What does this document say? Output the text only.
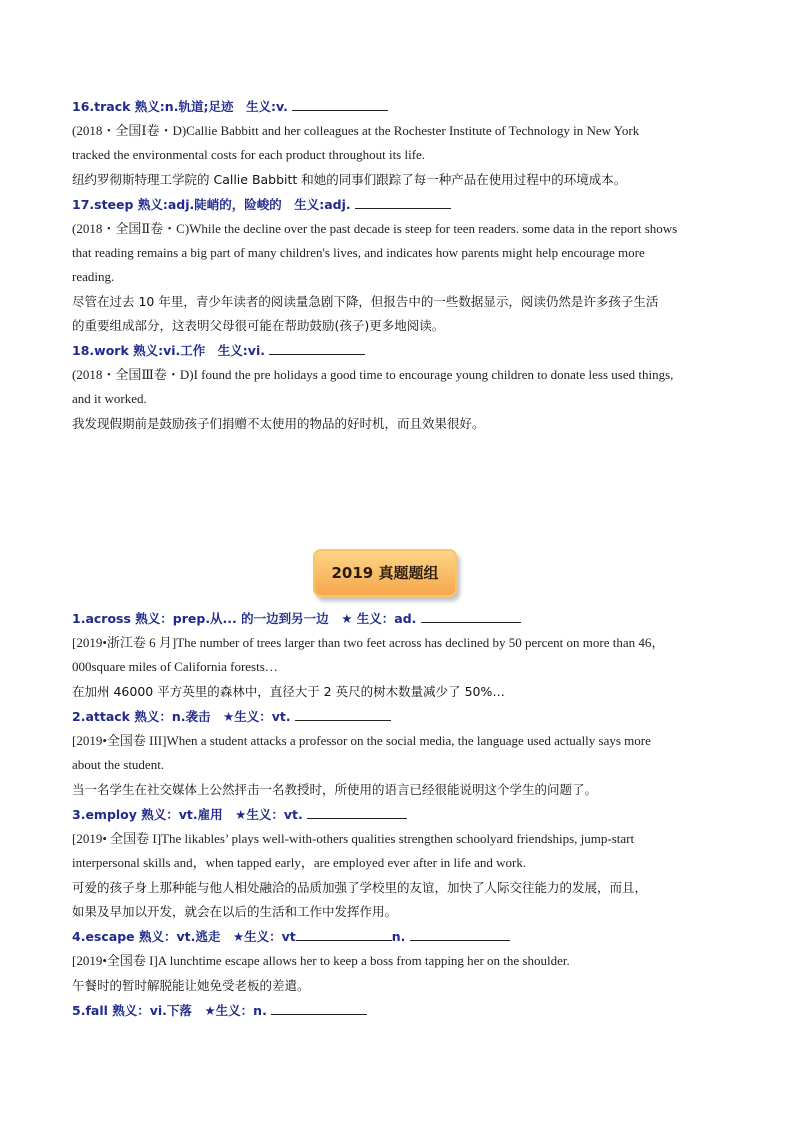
16.track 熟义:n.轨道;足迹　生义:v.

(2018・全国Ⅰ卷・D)Callie Babbitt and her colleagues at the Rochester Institute of Technology in New York

tracked the environmental costs for each product throughout its life.

纽约罗彻斯特理工学院的 Callie Babbitt 和她的同事们跟踪了每一种产品在使用过程中的环境成本。

17.steep 熟义:adj.陡峭的，险峻的　生义:adj.

(2018・全国Ⅱ卷・C)While the decline over the past decade is steep for teen readers. some data in the report shows

that reading remains a big part of many children's lives, and indicates how parents might help encourage more

reading.

尽管在过去 10 年里，青少年读者的阅读量急剧下降，但报告中的一些数据显示，阅读仍然是许多孩子生活

的重要组成部分，这表明父母很可能在帮助鼓励(孩子)更多地阅读。

18.work 熟义:vi.工作　生义:vi.

(2018・全国Ⅲ卷・D)I found the pre holidays a good time to encourage young children to donate less used things,

and it worked.

我发现假期前是鼓励孩子们捐赠不太使用的物品的好时机，而且效果很好。

2019 真题题组

1.across 熟义：prep.从... 的一边到另一边　 ★ 生义：ad.

[2019•浙江卷 6 月]The number of trees larger than two feet across has declined by 50 percent on more than 46，

000square miles of California forests…

在加州 46000 平方英里的森林中，直径大于 2 英尺的树木数量减少了 50%…

2.attack 熟义：n.袭击　 ★生义：vt.

[2019•全国卷 III]When a student attacks a professor on the social media, the language used actually says more

about the student.

当一名学生在社交媒体上公然抨击一名教授时，所使用的语言已经很能说明这个学生的问题了。

3.employ 熟义：vt.雇用　 ★生义：vt.

[2019• 全国卷 I]The likables’ plays well-with-others qualities strengthen schoolyard friendships, jump-start

interpersonal skills and，when tapped early，are employed ever after in life and work.

可爱的孩子身上那种能与他人相处融洽的品质加强了学校里的友谊，加快了人际交往能力的发展，而且，

如果及早加以开发，就会在以后的生活和工作中发挥作用。

4.escape 熟义：vt.逃走　 ★生义：vt	n.

[2019•全国卷 I]A lunchtime escape allows her to keep a boss from tapping her on the shoulder.

午餐时的暂时解脱能让她免受老板的差遣。

5.fall 熟义：vi.下落　 ★生义：n.
